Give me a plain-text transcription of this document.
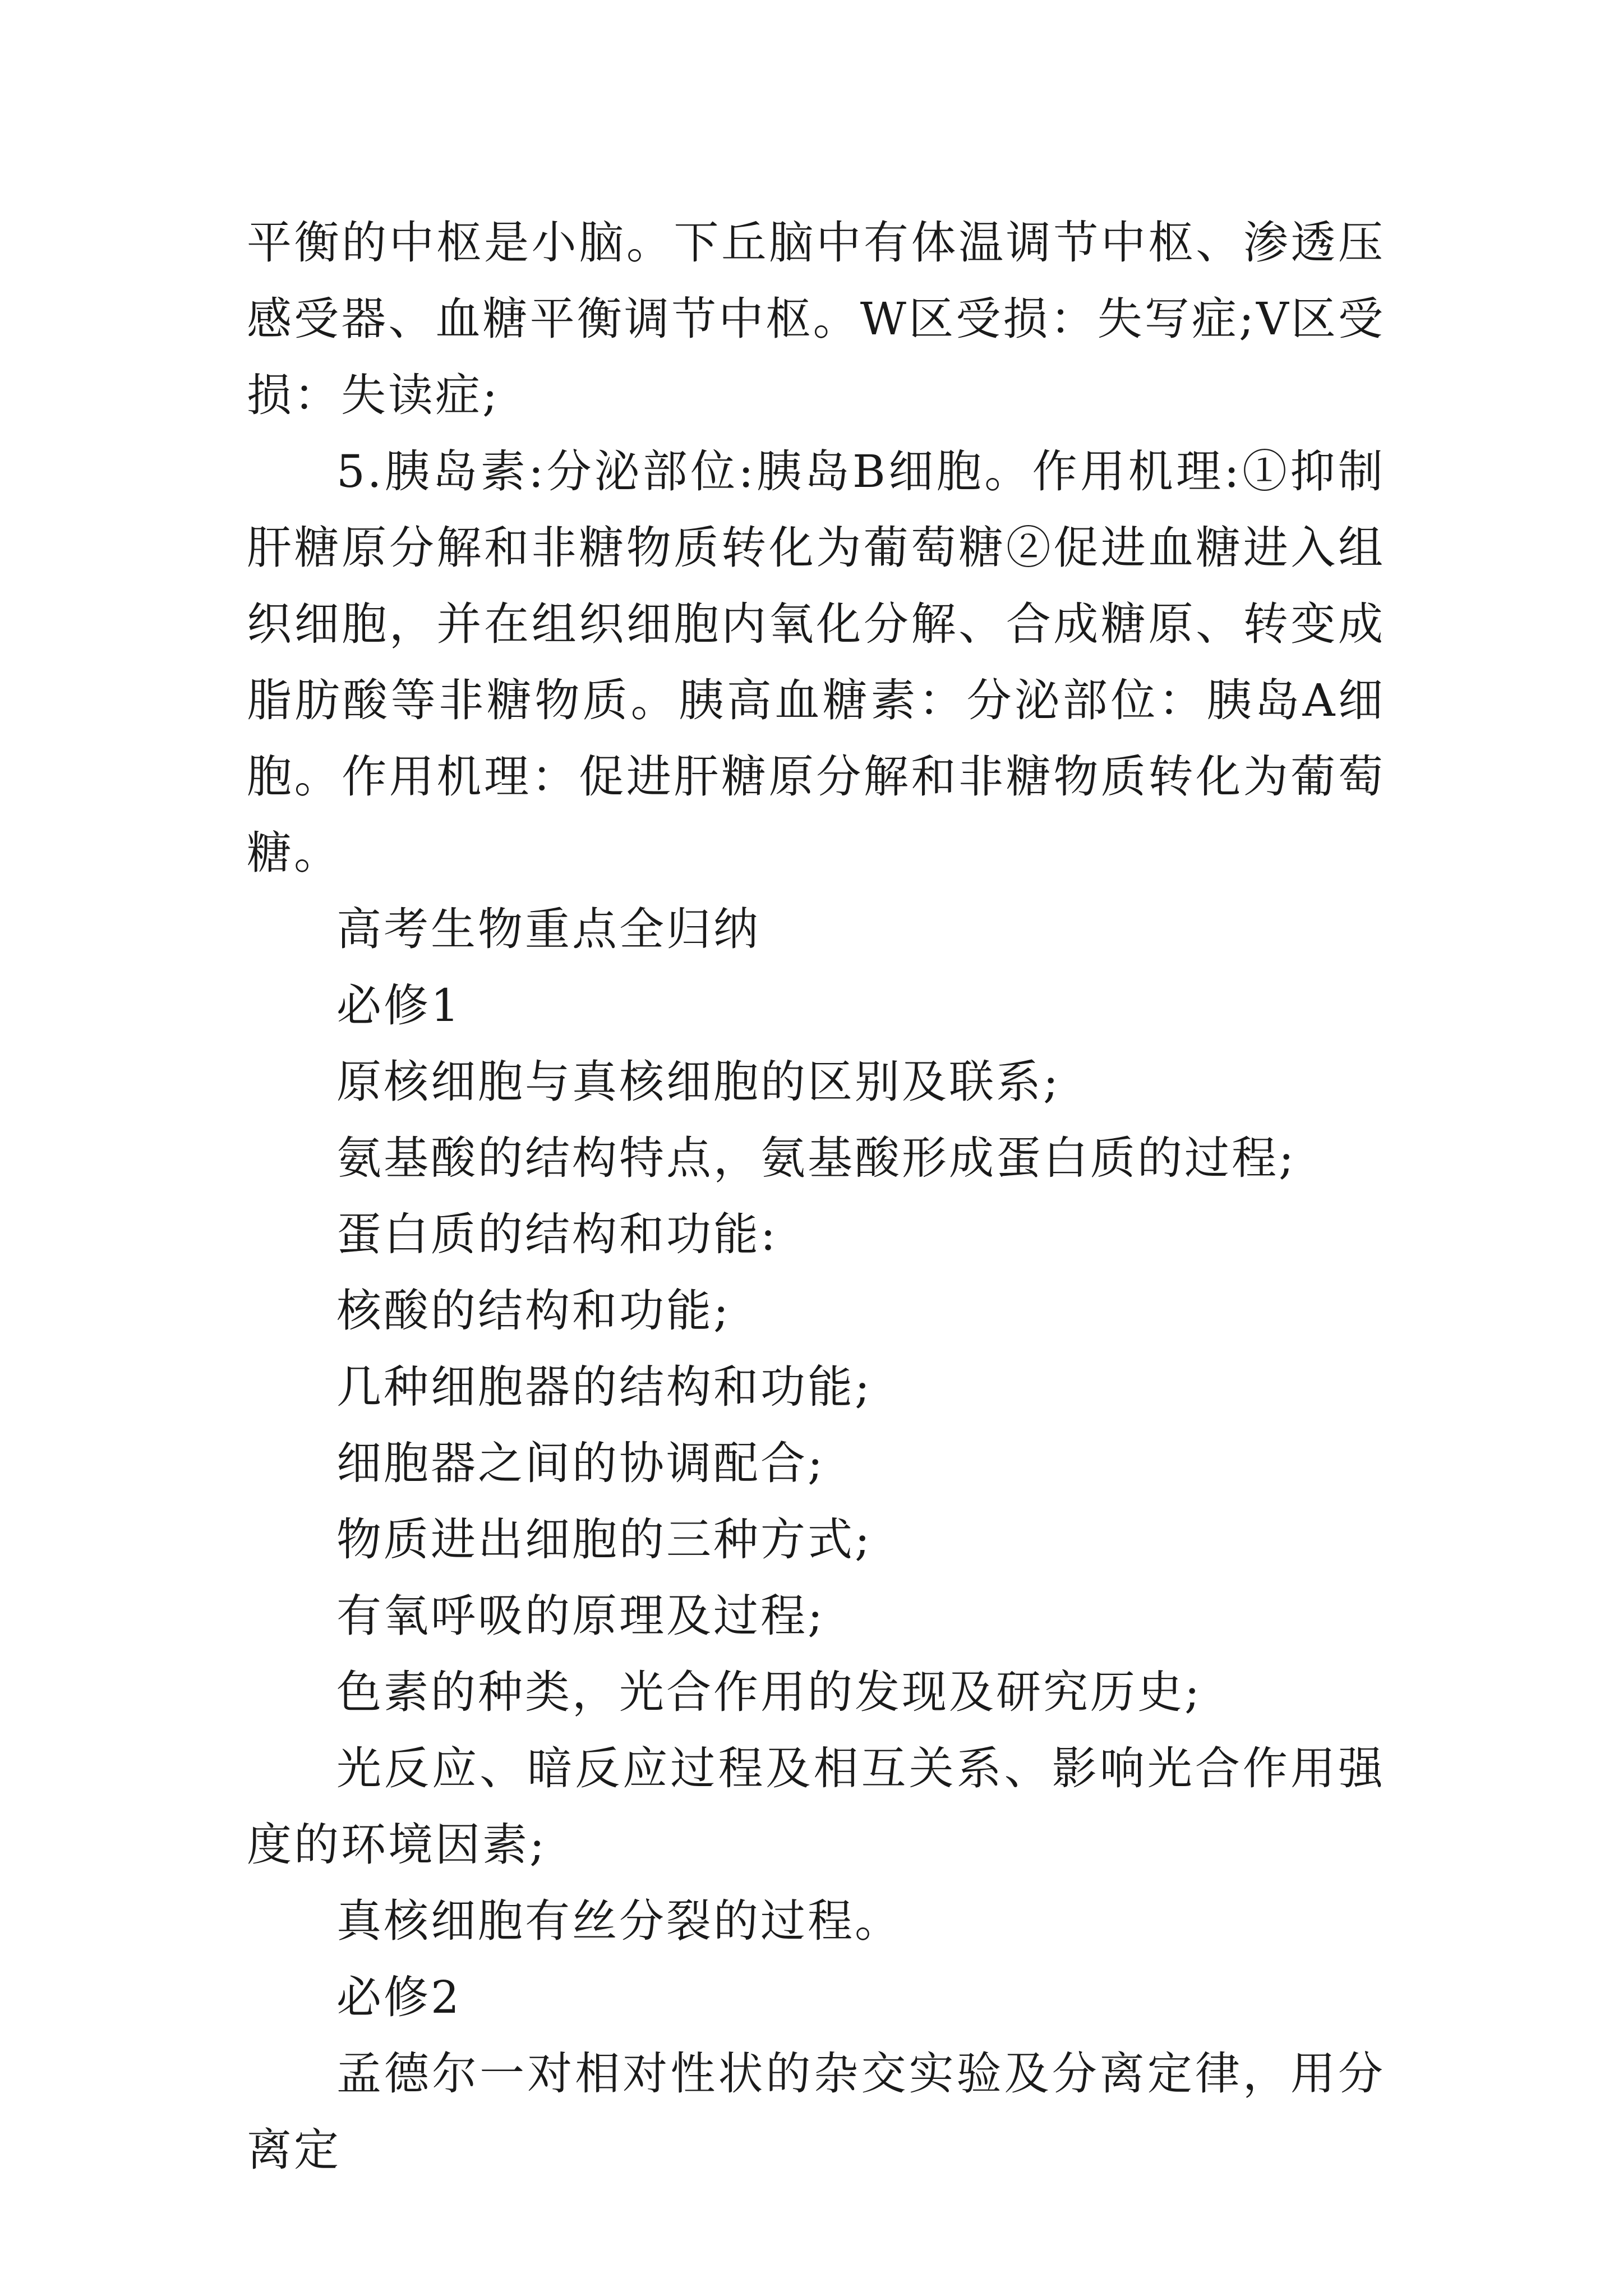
平衡的中枢是小脑。下丘脑中有体温调节中枢、渗透压感受器、血糖平衡调节中枢。W区受损：失写症;V区受损：失读症;

5.胰岛素:分泌部位:胰岛B细胞。作用机理:①抑制肝糖原分解和非糖物质转化为葡萄糖②促进血糖进入组织细胞，并在组织细胞内氧化分解、合成糖原、转变成脂肪酸等非糖物质。胰高血糖素：分泌部位：胰岛A细胞。作用机理：促进肝糖原分解和非糖物质转化为葡萄糖。

高考生物重点全归纳

必修1

原核细胞与真核细胞的区别及联系;

氨基酸的结构特点，氨基酸形成蛋白质的过程;

蛋白质的结构和功能:

核酸的结构和功能;

几种细胞器的结构和功能;

细胞器之间的协调配合;

物质进出细胞的三种方式;

有氧呼吸的原理及过程;

色素的种类，光合作用的发现及研究历史;

光反应、暗反应过程及相互关系、影响光合作用强度的环境因素;

真核细胞有丝分裂的过程。

必修2

孟德尔一对相对性状的杂交实验及分离定律，用分离定
